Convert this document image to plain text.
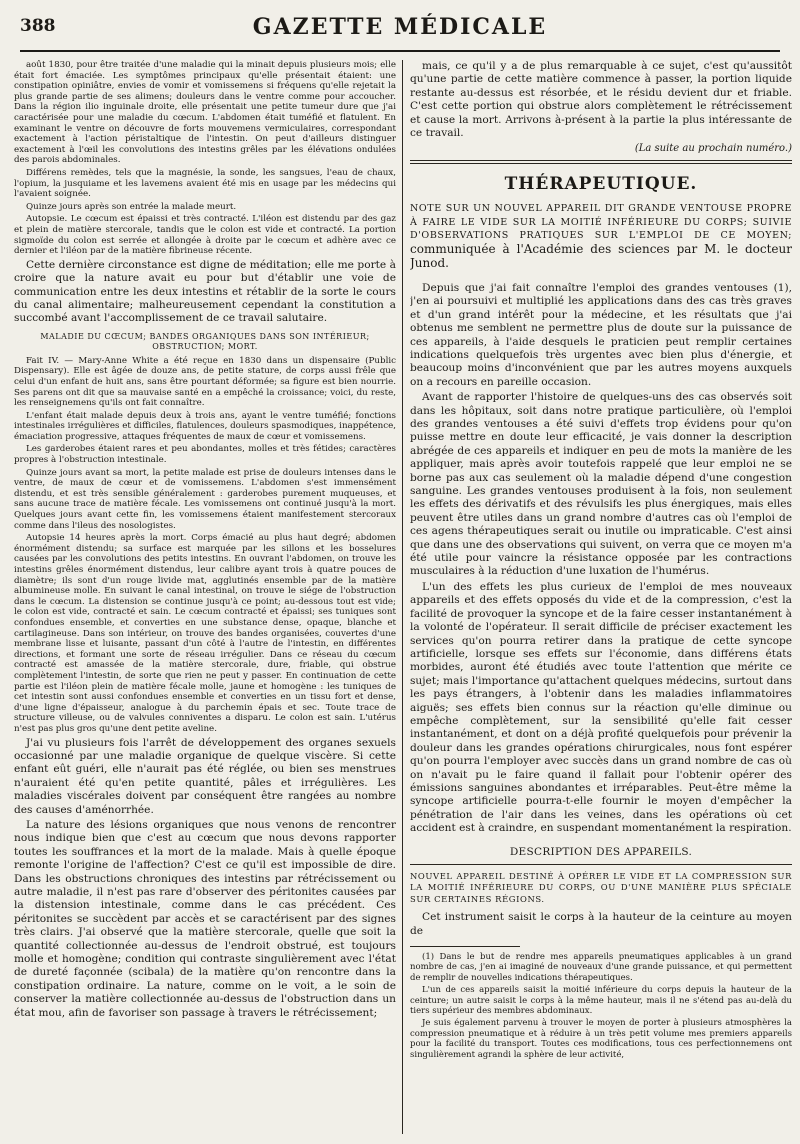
388	GAZETTE MÉDICALE

août 1830, pour être traitée d'une maladie qui la minait depuis plusieurs mois; elle était fort émaciée. Les symptômes principaux qu'elle présentait étaient: une constipation opiniâtre, envies de vomir et vomissemens si fréquens qu'elle rejetait la plus grande partie de ses alimens; douleurs dans le ventre comme pour accoucher. Dans la région ilio inguinale droite, elle présentait une petite tumeur dure que j'ai caractérisée pour une maladie du cœcum. L'abdomen était tuméfié et flatulent. En examinant le ventre on découvre de forts mouvemens vermiculaires, correspondant exactement à l'action péristaltique de l'intestin. On peut d'ailleurs distinguer exactement à l'œil les convolutions des intestins grêles par les élévations ondulées des parois abdominales.

Différens remèdes, tels que la magnésie, la sonde, les sangsues, l'eau de chaux, l'opium, la jusquiame et les lavemens avaient été mis en usage par les médecins qui l'avaient soignée.

Quinze jours après son entrée la malade meurt.

Autopsie. Le cœcum est épaissi et très contracté. L'iléon est distendu par des gaz et plein de matière stercorale, tandis que le colon est vide et contracté. La portion sigmoïde du colon est serrée et allongée à droite par le cœcum et adhère avec ce dernier et l'iléon par de la matière fibrineuse récente.

Cette dernière circonstance est digne de méditation; elle me porte à croire que la nature avait eu pour but d'établir une voie de communication entre les deux intestins et rétablir de la sorte le cours du canal alimentaire; malheureusement cependant la constitution a succombé avant l'accomplissement de ce travail salutaire.

MALADIE DU CŒCUM; BANDES ORGANIQUES DANS SON INTÉRIEUR; OBSTRUCTION; MORT.

Fait IV. — Mary-Anne White a été reçue en 1830 dans un dispensaire (Public Dispensary). Elle est âgée de douze ans, de petite stature, de corps aussi frêle que celui d'un enfant de huit ans, sans être pourtant déformée; sa figure est bien nourrie. Ses parens ont dit que sa mauvaise santé en a empêché la croissance; voici, du reste, les renseignemens qu'ils ont fait connaître.

L'enfant était malade depuis deux à trois ans, ayant le ventre tuméfié; fonctions intestinales irrégulières et difficiles, flatulences, douleurs spasmodiques, inappétence, émaciation progressive, attaques fréquentes de maux de cœur et vomissemens.

Les garderobes étaient rares et peu abondantes, molles et très fétides; caractères propres à l'obstruction intestinale.

Quinze jours avant sa mort, la petite malade est prise de douleurs intenses dans le ventre, de maux de cœur et de vomissemens. L'abdomen s'est immensément distendu, et est très sensible généralement : garderobes purement muqueuses, et sans aucune trace de matière fécale. Les vomissemens ont continué jusqu'à la mort. Quelques jours avant cette fin, les vomissemens étaient manifestement stercoraux comme dans l'ileus des nosologistes.

Autopsie 14 heures après la mort. Corps émacié au plus haut degré; abdomen énormément distendu; sa surface est marquée par les sillons et les bosselures causées par les convolutions des petits intestins. En ouvrant l'abdomen, on trouve les intestins grêles énormément distendus, leur calibre ayant trois à quatre pouces de diamètre; ils sont d'un rouge livide mat, agglutinés ensemble par de la matière albumineuse molle. En suivant le canal intestinal, on trouve le siége de l'obstruction dans le cœcum. La distension se continue jusqu'à ce point; au-dessous tout est vide; le colon est vide, contracté et sain. Le cœcum contracté et épaissi; ses tuniques sont confondues ensemble, et converties en une substance dense, opaque, blanche et cartilagineuse. Dans son intérieur, on trouve des bandes organisées, couvertes d'une membrane lisse et luisante, passant d'un côté à l'autre de l'intestin, en différentes directions, et formant une sorte de réseau irrégulier. Dans ce réseau du cœcum contracté est amassée de la matière stercorale, dure, friable, qui obstrue complètement l'intestin, de sorte que rien ne peut y passer. En continuation de cette partie est l'iléon plein de matière fécale molle, jaune et homogène : les tuniques de cet intestin sont aussi confondues ensemble et converties en un tissu fort et dense, d'une ligne d'épaisseur, analogue à du parchemin épais et sec. Toute trace de structure villeuse, ou de valvules conniventes a disparu. Le colon est sain. L'utérus n'est pas plus gros qu'une dent petite aveline.

J'ai vu plusieurs fois l'arrêt de développement des organes sexuels occasionné par une maladie organique de quelque viscère. Si cette enfant eût guéri, elle n'aurait pas été réglée, ou bien ses menstrues n'auraient été qu'en petite quantité, pâles et irrégulières. Les maladies viscérales doivent par conséquent être rangées au nombre des causes d'aménorrhée.

La nature des lésions organiques que nous venons de rencontrer nous indique bien que c'est au cœcum que nous devons rapporter toutes les souffrances et la mort de la malade. Mais à quelle époque remonte l'origine de l'affection? C'est ce qu'il est impossible de dire. Dans les obstructions chroniques des intestins par rétrécissement ou autre maladie, il n'est pas rare d'observer des péritonites causées par la distension intestinale, comme dans le cas précédent. Ces péritonites se succèdent par accès et se caractérisent par des signes très clairs. J'ai observé que la matière stercorale, quelle que soit la quantité collectionnée au-dessus de l'endroit obstrué, est toujours molle et homogène; condition qui contraste singulièrement avec l'état de dureté façonnée (scibala) de la matière qu'on rencontre dans la constipation ordinaire. La nature, comme on le voit, a le soin de conserver la matière collectionnée au-dessus de l'obstruction dans un état mou, afin de favoriser son passage à travers le rétrécissement;

mais, ce qu'il y a de plus remarquable à ce sujet, c'est qu'aussitôt qu'une partie de cette matière commence à passer, la portion liquide restante au-dessus est résorbée, et le résidu devient dur et friable. C'est cette portion qui obstrue alors complètement le rétrécissement et cause la mort. Arrivons à-présent à la partie la plus intéressante de ce travail.

(La suite au prochain numéro.)
THÉRAPEUTIQUE.
NOTE SUR UN NOUVEL APPAREIL DIT GRANDE VENTOUSE PROPRE À FAIRE LE VIDE SUR LA MOITIÉ INFÉRIEURE DU CORPS; SUIVIE D'OBSERVATIONS PRATIQUES SUR L'EMPLOI DE CE MOYEN; communiquée à l'Académie des sciences par M. le docteur Junod.

Depuis que j'ai fait connaître l'emploi des grandes ventouses (1), j'en ai poursuivi et multiplié les applications dans des cas très graves et d'un grand intérêt pour la médecine, et les résultats que j'ai obtenus me semblent ne permettre plus de doute sur la puissance de ces appareils, à l'aide desquels le praticien peut remplir certaines indications quelquefois très urgentes avec bien plus d'énergie, et beaucoup moins d'inconvénient que par les autres moyens auxquels on a recours en pareille occasion.

Avant de rapporter l'histoire de quelques-uns des cas observés soit dans les hôpitaux, soit dans notre pratique particulière, où l'emploi des grandes ventouses a été suivi d'effets trop évidens pour qu'on puisse mettre en doute leur efficacité, je vais donner la description abrégée de ces appareils et indiquer en peu de mots la manière de les appliquer, mais après avoir toutefois rappelé que leur emploi ne se borne pas aux cas seulement où la maladie dépend d'une congestion sanguine. Les grandes ventouses produisent à la fois, non seulement les effets des dérivatifs et des révulsifs les plus énergiques, mais elles peuvent être utiles dans un grand nombre d'autres cas où l'emploi de ces agens thérapeutiques serait ou inutile ou impraticable. C'est ainsi que dans une des observations qui suivent, on verra que ce moyen m'a été utile pour vaincre la résistance opposée par les contractions musculaires à la réduction d'une luxation de l'humérus.

L'un des effets les plus curieux de l'emploi de mes nouveaux appareils et des effets opposés du vide et de la compression, c'est la facilité de provoquer la syncope et de la faire cesser instantanément à la volonté de l'opérateur. Il serait difficile de préciser exactement les services qu'on pourra retirer dans la pratique de cette syncope artificielle, lorsque ses effets sur l'économie, dans différens états morbides, auront été étudiés avec toute l'attention que mérite ce sujet; mais l'importance qu'attachent quelques médecins, surtout dans les pays étrangers, à l'obtenir dans les maladies inflammatoires aiguës; ses effets bien connus sur la réaction qu'elle diminue ou empêche complètement, sur la sensibilité qu'elle fait cesser instantanément, et dont on a déjà profité quelquefois pour prévenir la douleur dans les grandes opérations chirurgicales, nous font espérer qu'on pourra l'employer avec succès dans un grand nombre de cas où on n'avait pu le faire quand il fallait pour l'obtenir opérer des émissions sanguines abondantes et irréparables. Peut-être même la syncope artificielle pourra-t-elle fournir le moyen d'empêcher la pénétration de l'air dans les veines, dans les opérations où cet accident est à craindre, en suspendant momentanément la respiration.

DESCRIPTION DES APPAREILS.
NOUVEL APPAREIL DESTINÉ À OPÉRER LE VIDE ET LA COMPRESSION SUR LA MOITIÉ INFÉRIEURE DU CORPS, OU D'UNE MANIÈRE PLUS SPÉCIALE SUR CERTAINES RÉGIONS.

Cet instrument saisit le corps à la hauteur de la ceinture au moyen de

(1) Dans le but de rendre mes appareils pneumatiques applicables à un grand nombre de cas, j'en ai imaginé de nouveaux d'une grande puissance, et qui permettent de remplir de nouvelles indications thérapeutiques.

L'un de ces appareils saisit la moitié inférieure du corps depuis la hauteur de la ceinture; un autre saisit le corps à la même hauteur, mais il ne s'étend pas au-delà du tiers supérieur des membres abdominaux.

Je suis également parvenu à trouver le moyen de porter à plusieurs atmosphères la compression pneumatique et à réduire à un très petit volume mes premiers appareils pour la facilité du transport. Toutes ces modifications, tous ces perfectionnemens ont singulièrement agrandi la sphère de leur activité,
